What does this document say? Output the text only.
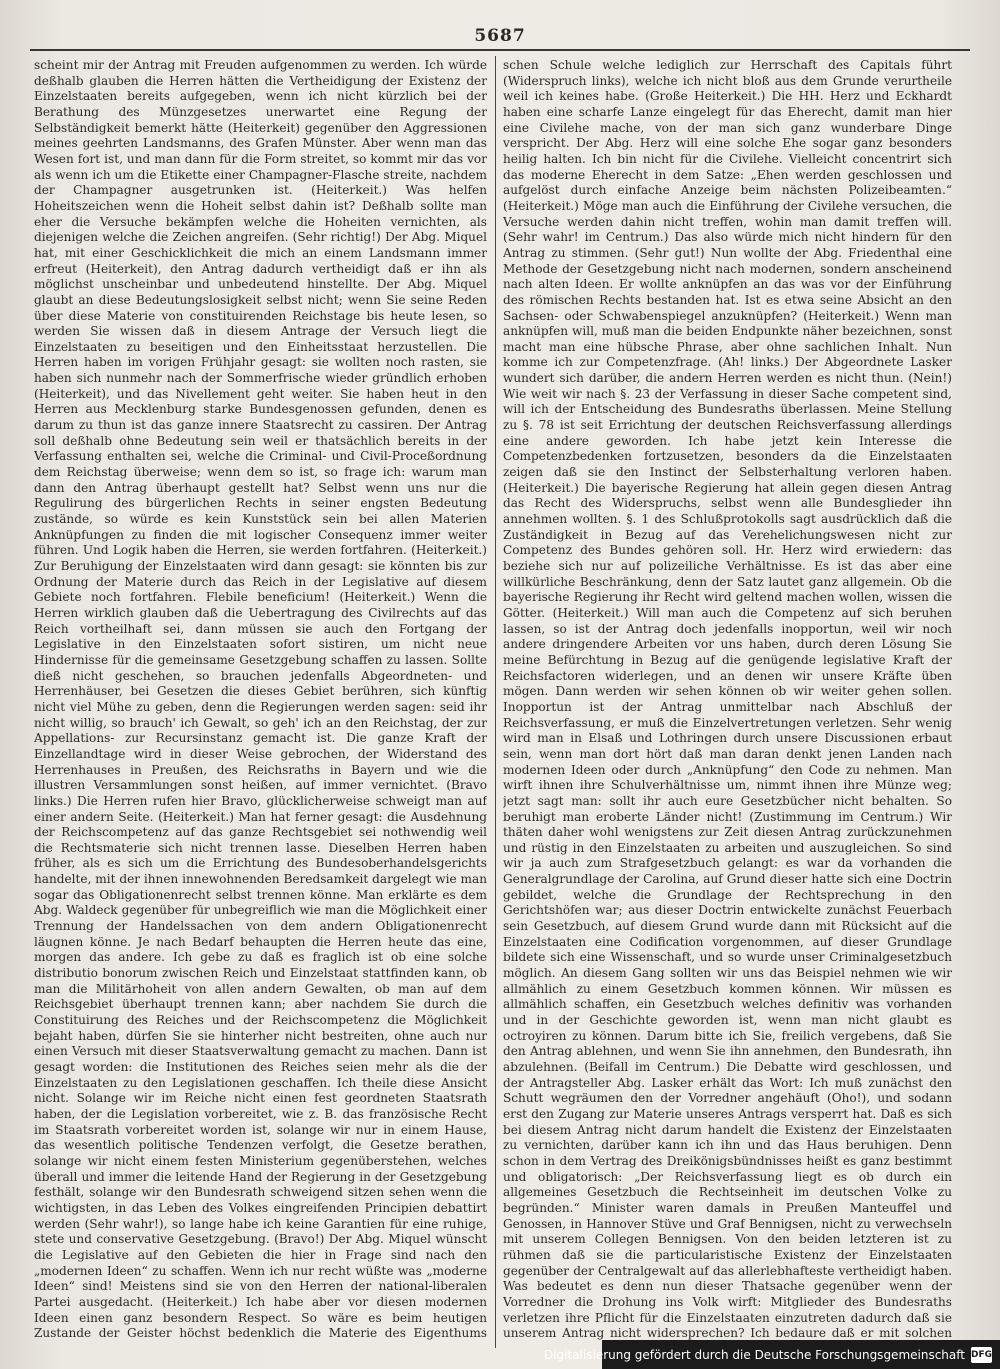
5687

scheint mir der Antrag mit Freuden aufgenommen zu werden. Ich würde deßhalb glauben die Herren hätten die Vertheidigung der Existenz der Einzelstaaten bereits aufgegeben, wenn ich nicht kürzlich bei der Berathung des Münzgesetzes unerwartet eine Regung der Selbständigkeit bemerkt hätte (Heiterkeit) gegenüber den Aggressionen meines geehrten Landsmanns, des Grafen Münster. Aber wenn man das Wesen fort ist, und man dann für die Form streitet, so kommt mir das vor als wenn ich um die Etikette einer Champagner-Flasche streite, nachdem der Champagner ausgetrunken ist. (Heiterkeit.) Was helfen Hoheitszeichen wenn die Hoheit selbst dahin ist? Deßhalb sollte man eher die Versuche bekämpfen welche die Hoheiten vernichten, als diejenigen welche die Zeichen angreifen. (Sehr richtig!) Der Abg. Miquel hat, mit einer Geschicklichkeit die mich an einem Landsmann immer erfreut (Heiterkeit), den Antrag dadurch vertheidigt daß er ihn als möglichst unscheinbar und unbedeutend hinstellte. Der Abg. Miquel glaubt an diese Bedeutungslosigkeit selbst nicht; wenn Sie seine Reden über diese Materie von constituirenden Reichstage bis heute lesen, so werden Sie wissen daß in diesem Antrage der Versuch liegt die Einzelstaaten zu beseitigen und den Einheitsstaat herzustellen. Die Herren haben im vorigen Frühjahr gesagt: sie wollten noch rasten, sie haben sich nunmehr nach der Sommerfrische wieder gründlich erhoben (Heiterkeit), und das Nivellement geht weiter. Sie haben heut in den Herren aus Mecklenburg starke Bundesgenossen gefunden, denen es darum zu thun ist das ganze innere Staatsrecht zu cassiren. Der Antrag soll deßhalb ohne Bedeutung sein weil er thatsächlich bereits in der Verfassung enthalten sei, welche die Criminal- und Civil-Proceßordnung dem Reichstag überweise; wenn dem so ist, so frage ich: warum man dann den Antrag überhaupt gestellt hat? Selbst wenn uns nur die Regulirung des bürgerlichen Rechts in seiner engsten Bedeutung zuständе, so würde es kein Kunststück sein bei allen Materien Anknüpfungen zu finden die mit logischer Consequenz immer weiter führen. Und Logik haben die Herren, sie werden fortfahren. (Heiterkeit.) Zur Beruhigung der Einzelstaaten wird dann gesagt: sie könnten bis zur Ordnung der Materie durch das Reich in der Legislative auf diesem Gebiete noch fortfahren. Flebile beneficium! (Heiterkeit.) Wenn die Herren wirklich glauben daß die Uebertragung des Civilrechts auf das Reich vortheilhaft sei, dann müssen sie auch den Fortgang der Legislative in den Einzelstaaten sofort sistiren, um nicht neue Hindernisse für die gemeinsame Gesetzgebung schaffen zu lassen. Sollte dieß nicht geschehen, so brauchen jedenfalls Abgeordneten- und Herrenhäuser, bei Gesetzen die dieses Gebiet berühren, sich künftig nicht viel Mühe zu geben, denn die Regierungen werden sagen: seid ihr nicht willig, so brauch' ich Gewalt, so geh' ich an den Reichstag, der zur Appellations- zur Recursinstanz gemacht ist. Die ganze Kraft der Einzellandtage wird in dieser Weise gebrochen, der Widerstand des Herrenhauses in Preußen, des Reichsraths in Bayern und wie die illustren Versammlungen sonst heißen, auf immer vernichtet. (Bravo links.) Die Herren rufen hier Bravo, glücklicherweise schweigt man auf einer andern Seite. (Heiterkeit.) Man hat ferner gesagt: die Ausdehnung der Reichscompetenz auf das ganze Rechtsgebiet sei nothwendig weil die Rechtsmaterie sich nicht trennen lasse. Dieselben Herren haben früher, als es sich um die Errichtung des Bundesoberhandelsgerichts handelte, mit der ihnen innewohnenden Beredsamkeit dargelegt wie man sogar das Obligationenrecht selbst trennen könne. Man erklärte es dem Abg. Waldeck gegenüber für unbegreiflich wie man die Möglichkeit einer Trennung der Handelssachen von dem andern Obligationenrecht läugnen könne. Je nach Bedarf behaupten die Herren heute das eine, morgen das andere. Ich gebe zu daß es fraglich ist ob eine solche distributio bonorum zwischen Reich und Einzelstaat stattfinden kann, ob man die Militärhoheit von allen andern Gewalten, ob man auf dem Reichsgebiet überhaupt trennen kann; aber nachdem Sie durch die Constituirung des Reiches und der Reichscompetenz die Möglichkeit bejaht haben, dürfen Sie sie hinterher nicht bestreiten, ohne auch nur einen Versuch mit dieser Staatsverwaltung gemacht zu machen. Dann ist gesagt worden: die Institutionen des Reiches seien mehr als die der Einzelstaaten zu den Legislationen geschaffen. Ich theile diese Ansicht nicht. Solange wir im Reiche nicht einen fest geordneten Staatsrath haben, der die Legislation vorbereitet, wie z. B. das französische Recht im Staatsrath vorbereitet worden ist, solange wir nur in einem Hause, das wesentlich politische Tendenzen verfolgt, die Gesetze berathen, solange wir nicht einem festen Ministerium gegenüberstehen, welches überall und immer die leitende Hand der Regierung in der Gesetzgebung festhält, solange wir den Bundesrath schweigend sitzen sehen wenn die wichtigsten, in das Leben des Volkes eingreifenden Principien debattirt werden (Sehr wahr!), so lange habe ich keine Garantien für eine ruhige, stete und conservative Gesetzgebung. (Bravo!) Der Abg. Miquel wünscht die Legislative auf den Gebieten die hier in Frage sind nach den „modernen Ideen“ zu schaffen. Wenn ich nur recht wüßte was „moderne Ideen“ sind! Meistens sind sie von den Herren der national-liberalen Partei ausgedacht. (Heiterkeit.) Ich habe aber vor diesen modernen Ideen einen ganz besondern Respect. So wäre es beim heutigen Zustande der Geister höchst bedenklich die Materie des Eigenthums

schen Schule welche lediglich zur Herrschaft des Capitals führt (Widerspruch links), welche ich nicht bloß aus dem Grunde verurtheile weil ich keines habe. (Große Heiterkeit.) Die HH. Herz und Eckhardt haben eine scharfe Lanze eingelegt für das Eherecht, damit man hier eine Civilehe mache, von der man sich ganz wunderbare Dinge verspricht. Der Abg. Herz will eine solche Ehe sogar ganz besonders heilig halten. Ich bin nicht für die Civilehe. Vielleicht concentrirt sich das moderne Eherecht in dem Satze: „Ehen werden geschlossen und aufgelöst durch einfache Anzeige beim nächsten Polizeibeamten.“ (Heiterkeit.) Möge man auch die Einführung der Civilehe versuchen, die Versuche werden dahin nicht treffen, wohin man damit treffen will. (Sehr wahr! im Centrum.) Das also würde mich nicht hindern für den Antrag zu stimmen. (Sehr gut!) Nun wollte der Abg. Friedenthal eine Methode der Gesetzgebung nicht nach modernen, sondern anscheinend nach alten Ideen. Er wollte anknüpfen an das was vor der Einführung des römischen Rechts bestanden hat. Ist es etwa seine Absicht an den Sachsen- oder Schwabenspiegel anzuknüpfen? (Heiterkeit.) Wenn man anknüpfen will, muß man die beiden Endpunkte näher bezeichnen, sonst macht man eine hübsche Phrase, aber ohne sachlichen Inhalt. Nun komme ich zur Competenzfrage. (Ah! links.) Der Abgeordnete Lasker wundert sich darüber, die andern Herren werden es nicht thun. (Nein!) Wie weit wir nach §. 23 der Verfassung in dieser Sache competent sind, will ich der Entscheidung des Bundesraths überlassen. Meine Stellung zu §. 78 ist seit Errichtung der deutschen Reichsverfassung allerdings eine andere geworden. Ich habe jetzt kein Interesse die Competenzbedenken fortzusetzen, besonders da die Einzelstaaten zeigen daß sie den Instinct der Selbsterhaltung verloren haben. (Heiterkeit.) Die bayerische Regierung hat allein gegen diesen Antrag das Recht des Widerspruchs, selbst wenn alle Bundesglieder ihn annehmen wollten. §. 1 des Schlußprotokolls sagt ausdrücklich daß die Zuständigkeit in Bezug auf das Verehelichungswesen nicht zur Competenz des Bundes gehören soll. Hr. Herz wird erwiedern: das beziehe sich nur auf polizeiliche Verhältnisse. Es ist das aber eine willkürliche Beschränkung, denn der Satz lautet ganz allgemein. Ob die bayerische Regierung ihr Recht wird geltend machen wollen, wissen die Götter. (Heiterkeit.) Will man auch die Competenz auf sich beruhen lassen, so ist der Antrag doch jedenfalls inopportun, weil wir noch andere dringendere Arbeiten vor uns haben, durch deren Lösung Sie meine Befürchtung in Bezug auf die genügende legislative Kraft der Reichsfactoren widerlegen, und an denen wir unsere Kräfte üben mögen. Dann werden wir sehen können ob wir weiter gehen sollen. Inopportun ist der Antrag unmittelbar nach Abschluß der Reichsverfassung, er muß die Einzelvertretungen verletzen. Sehr wenig wird man in Elsaß und Lothringen durch unsere Discussionen erbaut sein, wenn man dort hört daß man daran denkt jenen Landen nach modernen Ideen oder durch „Anknüpfung“ den Code zu nehmen. Man wirft ihnen ihre Schulverhältnisse um, nimmt ihnen ihre Münze weg; jetzt sagt man: sollt ihr auch eure Gesetzbücher nicht behalten. So beruhigt man eroberte Länder nicht! (Zustimmung im Centrum.) Wir thäten daher wohl wenigstens zur Zeit diesen Antrag zurückzunehmen und rüstig in den Einzelstaaten zu arbeiten und auszugleichen. So sind wir ja auch zum Strafgesetzbuch gelangt: es war da vorhanden die Generalgrundlage der Carolina, auf Grund dieser hatte sich eine Doctrin gebildet, welche die Grundlage der Rechtsprechung in den Gerichtshöfen war; aus dieser Doctrin entwickelte zunächst Feuerbach sein Gesetzbuch, auf diesem Grund wurde dann mit Rücksicht auf die Einzelstaaten eine Codification vorgenommen, auf dieser Grundlage bildete sich eine Wissenschaft, und so wurde unser Criminalgesetzbuch möglich. An diesem Gang sollten wir uns das Beispiel nehmen wie wir allmählich zu einem Gesetzbuch kommen können. Wir müssen es allmählich schaffen, ein Gesetzbuch welches definitiv was vorhanden und in der Geschichte geworden ist, wenn man nicht glaubt es octroyiren zu können. Darum bitte ich Sie, freilich vergebens, daß Sie den Antrag ablehnen, und wenn Sie ihn annehmen, den Bundesrath, ihn abzulehnen. (Beifall im Centrum.) Die Debatte wird geschlossen, und der Antragsteller Abg. Lasker erhält das Wort: Ich muß zunächst den Schutt wegräumen den der Vorredner angehäuft (Oho!), und sodann erst den Zugang zur Materie unseres Antrags versperrt hat. Daß es sich bei diesem Antrag nicht darum handelt die Existenz der Einzelstaaten zu vernichten, darüber kann ich ihn und das Haus beruhigen. Denn schon in dem Vertrag des Dreikönigsbündnisses heißt es ganz bestimmt und obligatorisch: „Der Reichsverfassung liegt es ob durch ein allgemeines Gesetzbuch die Rechtseinheit im deutschen Volke zu begründen.“ Minister waren damals in Preußen Manteuffel und Genossen, in Hannover Stüve und Graf Bennigsen, nicht zu verwechseln mit unserem Collegen Bennigsen. Von den beiden letzteren ist zu rühmen daß sie die particularistische Existenz der Einzelstaaten gegenüber der Centralgewalt auf das allerlebhafteste vertheidigt haben. Was bedeutet es denn nun dieser Thatsache gegenüber wenn der Vorredner die Drohung ins Volk wirft: Mitglieder des Bundesraths verletzen ihre Pflicht für die Einzelstaaten einzutreten dadurch daß sie unserem Antrag nicht widersprechen? Ich bedaure daß er mit solchen

Digitalisierung gefördert durch die Deutsche Forschungsgemeinschaft DFG
